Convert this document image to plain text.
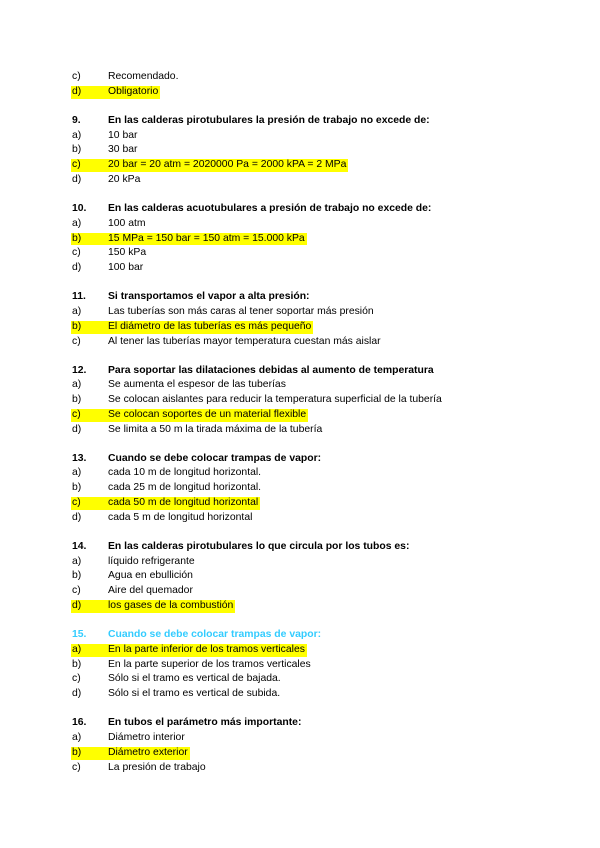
c)	Recomendado.
d)	Obligatorio
9.	En las calderas pirotubulares la presión de trabajo no excede de:
a)	10 bar
b)	30 bar
c)	20 bar = 20 atm = 2020000 Pa = 2000 kPA = 2 MPa
d)	20 kPa
10. En las calderas acuotubulares a presión de trabajo no excede de:
a)	100 atm
b)	15 MPa = 150 bar = 150 atm = 15.000 kPa
c)	150 kPa
d)	100 bar
11. Si transportamos el vapor a alta presión:
a)	Las tuberías son más caras al tener soportar más presión
b)	El diámetro de las tuberías es más pequeño
c)	Al tener las tuberías mayor temperatura cuestan más aislar
12. Para soportar las dilataciones debidas al aumento de temperatura
a)	Se aumenta el espesor de las tuberías
b)	Se colocan aislantes para reducir la temperatura superficial de la tubería
c)	Se colocan soportes de un material flexible
d)	Se limita a 50 m la tirada máxima de la tubería
13. Cuando se debe colocar trampas de vapor:
a)	cada 10 m de longitud horizontal.
b)	cada 25 m de longitud horizontal.
c)	cada 50 m de longitud horizontal
d)	cada 5 m de longitud horizontal
14. En las calderas pirotubulares lo que circula por los tubos es:
a)	líquido refrigerante
b)	Agua en ebullición
c)	Aire del quemador
d)	los gases de la combustión
15. Cuando se debe colocar trampas de vapor:
a)	En la parte inferior de los tramos verticales
b)	En la parte superior de los tramos verticales
c)	Sólo si el tramo es vertical de bajada.
d)	Sólo si el tramo es vertical de subida.
16. En tubos el parámetro más importante:
a)	Diámetro interior
b)	Diámetro exterior
c)	La presión de trabajo
